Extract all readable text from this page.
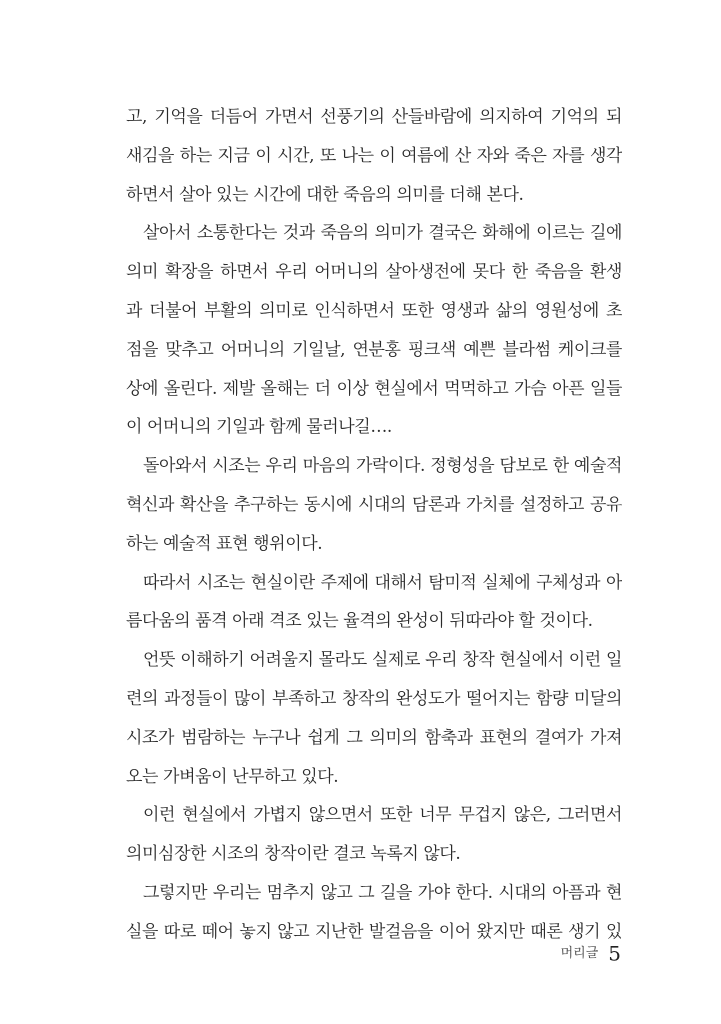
고, 기억을 더듬어 가면서 선풍기의 산들바람에 의지하여 기억의 되
새김을 하는 지금 이 시간, 또 나는 이 여름에 산 자와 죽은 자를 생각
하면서 살아 있는 시간에 대한 죽음의 의미를 더해 본다.
살아서 소통한다는 것과 죽음의 의미가 결국은 화해에 이르는 길에
의미 확장을 하면서 우리 어머니의 살아생전에 못다 한 죽음을 환생
과 더불어 부활의 의미로 인식하면서 또한 영생과 삶의 영원성에 초
점을 맞추고 어머니의 기일날, 연분홍 핑크색 예쁜 블라썸 케이크를
상에 올린다. 제발 올해는 더 이상 현실에서 먹먹하고 가슴 아픈 일들
이 어머니의 기일과 함께 물러나길….
돌아와서 시조는 우리 마음의 가락이다. 정형성을 담보로 한 예술적
혁신과 확산을 추구하는 동시에 시대의 담론과 가치를 설정하고 공유
하는 예술적 표현 행위이다.
따라서 시조는 현실이란 주제에 대해서 탐미적 실체에 구체성과 아
름다움의 품격 아래 격조 있는 율격의 완성이 뒤따라야 할 것이다.
언뜻 이해하기 어려울지 몰라도 실제로 우리 창작 현실에서 이런 일
련의 과정들이 많이 부족하고 창작의 완성도가 떨어지는 함량 미달의
시조가 범람하는 누구나 쉽게 그 의미의 함축과 표현의 결여가 가져
오는 가벼움이 난무하고 있다.
이런 현실에서 가볍지 않으면서 또한 너무 무겁지 않은, 그러면서
의미심장한 시조의 창작이란 결코 녹록지 않다.
그렇지만 우리는 멈추지 않고 그 길을 가야 한다. 시대의 아픔과 현
실을 따로 떼어 놓지 않고 지난한 발걸음을 이어 왔지만 때론 생기 있
머리글 5
